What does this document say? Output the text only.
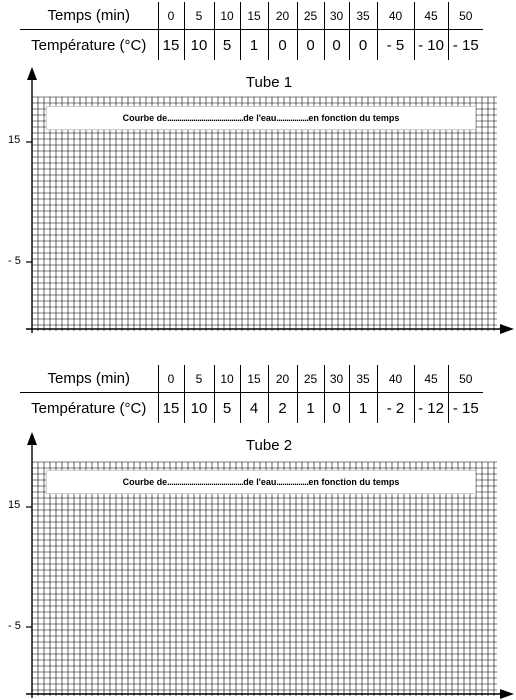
Temps (min)	0	5	10	15	20	25	30	35	40	45	50
Température (°C)	15	10	5	1	0	0	0	0	- 5	- 10	- 15
Tube 1
15
- 5
Courbe de ...................................... de l'eau ................ en fonction du temps
Temps (min)	0	5	10	15	20	25	30	35	40	45	50
Température (°C)	15	10	5	4	2	1	0	1	- 2	- 12	- 15
Tube 2
15
- 5
Courbe de ...................................... de l'eau ................ en fonction du temps
